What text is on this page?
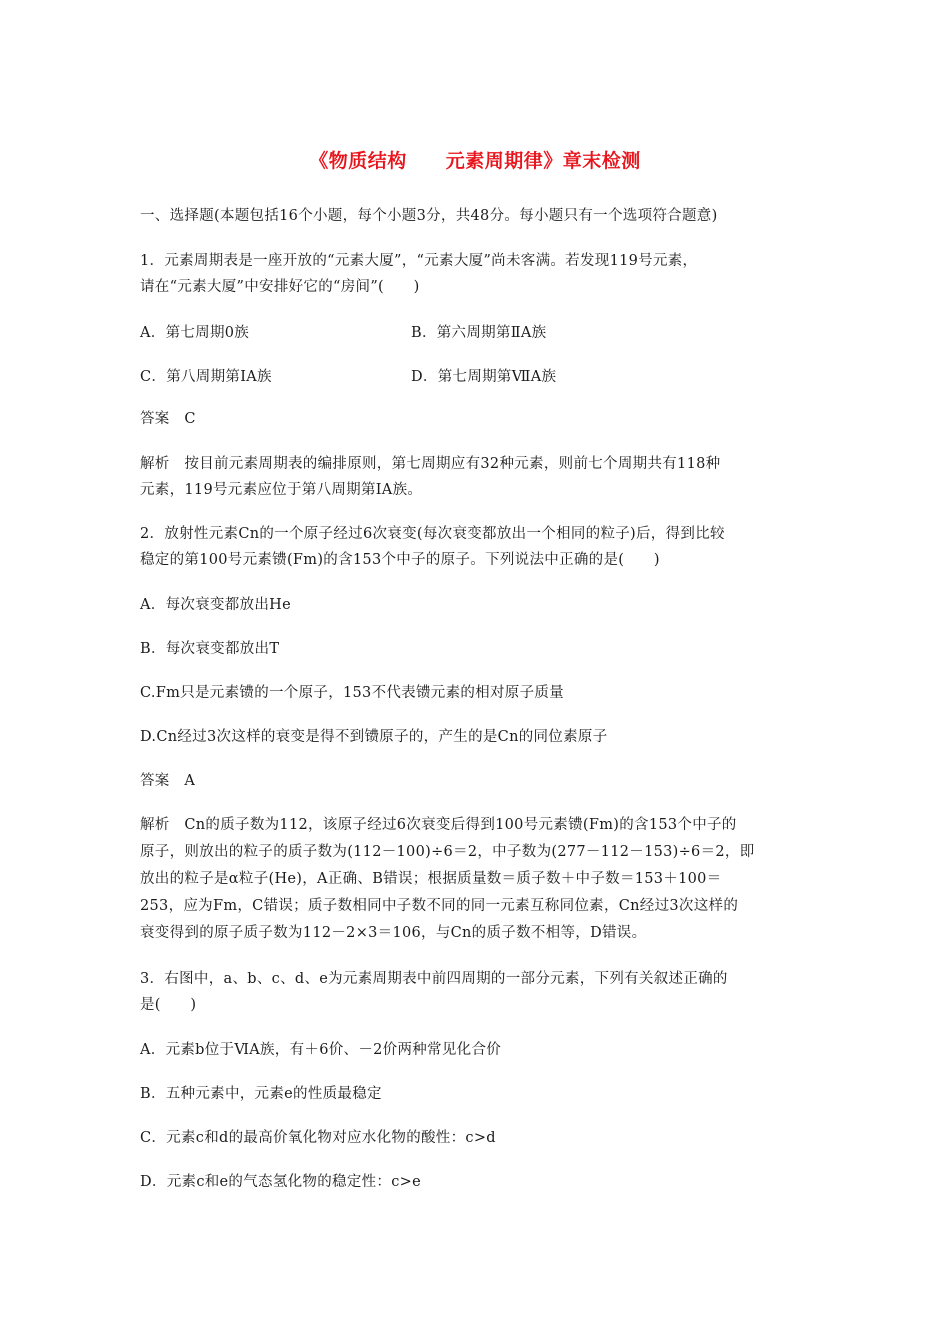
《物质结构　　元素周期律》章末检测
一、选择题(本题包括16个小题，每个小题3分，共48分。每小题只有一个选项符合题意)
1．元素周期表是一座开放的“元素大厦”，“元素大厦”尚未客满。若发现119号元素，
请在“元素大厦”中安排好它的“房间”(　　)
A．第七周期0族	B．第六周期第ⅡA族
C．第八周期第ⅠA族	D．第七周期第ⅦA族
答案　C
解析　按目前元素周期表的编排原则，第七周期应有32种元素，则前七个周期共有118种
元素，119号元素应位于第八周期第ⅠA族。
2．放射性元素Cn的一个原子经过6次衰变(每次衰变都放出一个相同的粒子)后，得到比较
稳定的第100号元素镄(Fm)的含153个中子的原子。下列说法中正确的是(　　)
A．每次衰变都放出He
B．每次衰变都放出T
C.Fm只是元素镄的一个原子，153不代表镄元素的相对原子质量
D.Cn经过3次这样的衰变是得不到镄原子的，产生的是Cn的同位素原子
答案　A
解析　Cn的质子数为112，该原子经过6次衰变后得到100号元素镄(Fm)的含153个中子的
原子，则放出的粒子的质子数为(112－100)÷6＝2，中子数为(277－112－153)÷6＝2，即
放出的粒子是α粒子(He)，A正确、B错误；根据质量数＝质子数＋中子数＝153＋100＝
253，应为Fm，C错误；质子数相同中子数不同的同一元素互称同位素，Cn经过3次这样的
衰变得到的原子质子数为112－2×3＝106，与Cn的质子数不相等，D错误。
3．右图中，a、b、c、d、e为元素周期表中前四周期的一部分元素，下列有关叙述正确的
是(　　)
A．元素b位于ⅥA族，有＋6价、－2价两种常见化合价
B．五种元素中，元素e的性质最稳定
C．元素c和d的最高价氧化物对应水化物的酸性：c>d
D．元素c和e的气态氢化物的稳定性：c>e
